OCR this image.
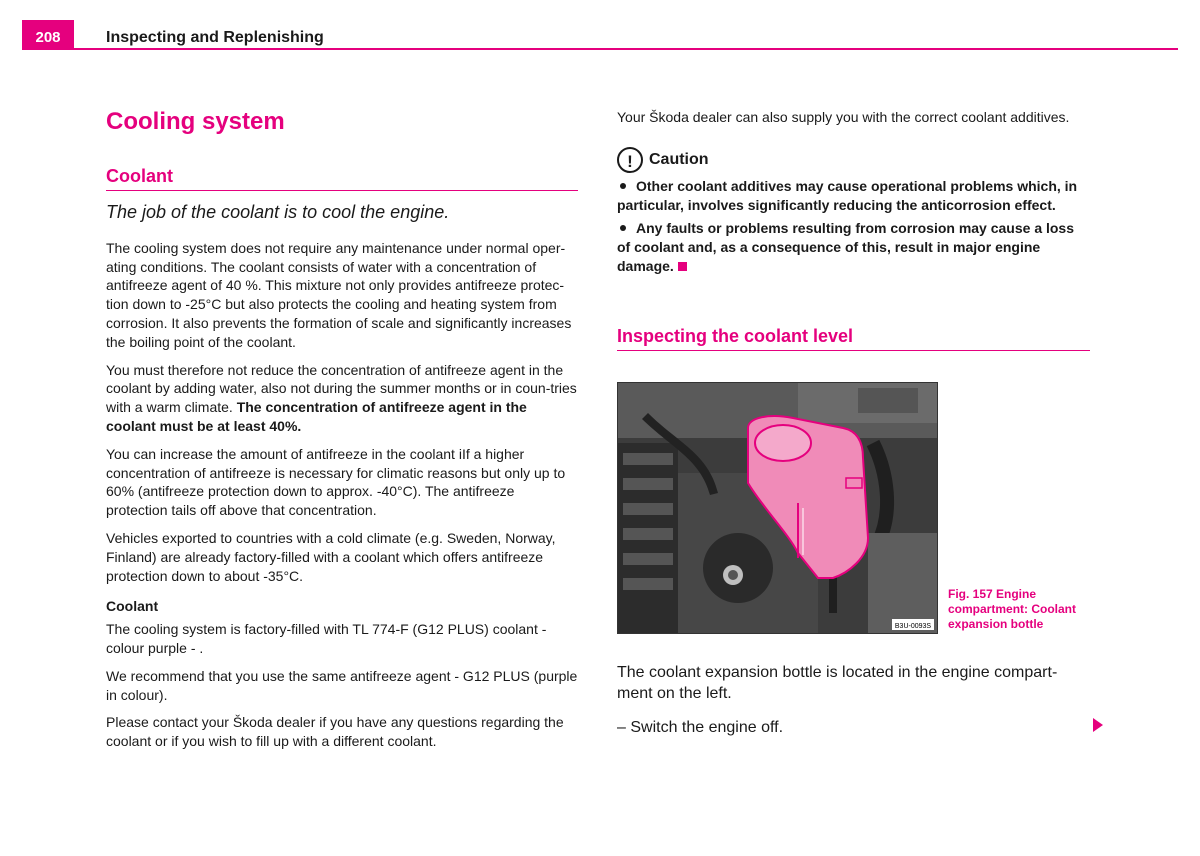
208	Inspecting and Replenishing
Cooling system
Coolant

The job of the coolant is to cool the engine.

The cooling system does not require any maintenance under normal oper-ating conditions. The coolant consists of water with a concentration of antifreeze agent of 40 %. This mixture not only provides antifreeze protec-tion down to -25°C but also protects the cooling and heating system from corrosion. It also prevents the formation of scale and significantly increases the boiling point of the coolant.

You must therefore not reduce the concentration of antifreeze agent in the coolant by adding water, also not during the summer months or in coun-tries with a warm climate. The concentration of antifreeze agent in the coolant must be at least 40%.

You can increase the amount of antifreeze in the coolant iIf a higher concentration of antifreeze is necessary for climatic reasons but only up to 60% (antifreeze protection down to approx. -40°C). The antifreeze protection tails off above that concentration.

Vehicles exported to countries with a cold climate (e.g. Sweden, Norway, Finland) are already factory-filled with a coolant which offers antifreeze protection down to about -35°C.

Coolant

The cooling system is factory-filled with TL 774-F (G12 PLUS) coolant - colour purple - .

We recommend that you use the same antifreeze agent - G12 PLUS (purple in colour).

Please contact your Škoda dealer if you have any questions regarding the coolant or if you wish to fill up with a different coolant.

Your Škoda dealer can also supply you with the correct coolant additives.

! Caution

Other coolant additives may cause operational problems which, in particular, involves significantly reducing the anticorrosion effect.

Any faults or problems resulting from corrosion may cause a loss of coolant and, as a consequence of this, result in major engine damage.

Inspecting the coolant level
B3U-0093S
Fig. 157 Engine compartment: Coolant expansion bottle

The coolant expansion bottle is located in the engine compart-ment on the left.

– Switch the engine off.
